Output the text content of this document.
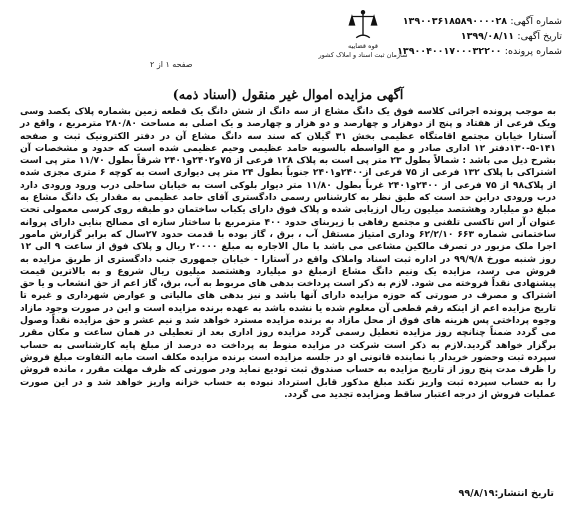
شماره آگهی: ۱۳۹۰۰۳۶۱۸۵۸۹۰۰۰۰۲۸
تاریخ آگهی: ۱۳۹۹/۰۸/۱۱
شماره پرونده: ۱۳۹۰۰۴۰۰۱۷۰۰۰۳۲۲۰۰
قوه قضاییه
سازمان ثبت اسناد و املاک کشور
صفحه ۱ از ۲
آگهی مزایده اموال غیر منقول (اسناد ذمه)

به موجب پرونده اجرائی کلاسه فوق یک دانگ مشاع از سه دانگ از شش دانگ یک قطعه زمین بشماره پلاک یکصد وسی ویک فرعی از هفتاد و پنج از دوهزار و چهارصد و دو هزار و چهارصد و یک اصلی به مساحت ۲۸۰/۸۰ مترمربع ، واقع در آستارا خیابان مجتمع اقامتگاه عظیمی بخش ۳۱ گیلان که سند سه دانگ مشاع آن در دفتر الکترونیک ثبت و صفحه ۱۴۱-۵-۱۳۰دفتر ۱۲ اداری صادر و مع الواسطه بالسویه حامد عظیمی وحیم عظیمی شده است که حدود و مشخصات آن بشرح ذیل می باشد : شمالاً بطول ۲۳ متر پی است به پلاک ۱۲۸ فرعی از ۷۵و۲۴۰۲و۲۴۰۱ شرقاً بطول ۱۱/۷۰ متر پی است اشتراکی با پلاک ۱۳۲ فرعی از ۷۵ فرعی از۲۴۰۰و۲۴۰۱ جنوباً بطول ۲۴ متر پی دیواری است به کوچه ۶ متری مجزی شده از پلاک۹۸ از ۷۵ فرعی از ۲۴۰۰و۲۴۰۱ غرباً بطول ۱۱/۸۰ متر دیوار بلوکی است به خیابان ساحلی درب ورود ورودی دارد درب ورودی درابن حد است که طبق نظر به کارشناس رسمی دادگستری آقای حامد عظیمی به مقدار یک دانگ مشاع به مبلغ دو میلیارد وهشتصد میلیون ریال ارزیابی شده و پلاک فوق دارای یکباب ساختمان دو طبقه روی کرسی معمولی تحت عنوان آر اس تاکسی تلفنی و مجتمع رفاهی با زیربنای حدود ۴۰۰ مترمربع با ساختار سازه ای مصالح بنایی دارای پروانه ساختمانی شماره ۶۶۳ ۶۲/۲/۱۰ وداری امتیاز مستقل آب ، برق ، گاز بوده با قدمت حدود ۲۷سال که برابر گزارش مامور اجرا ملک مزبور در تصرف مالکین مشاعی می باشد با مال الاجاره به مبلغ ۲۰۰۰۰ ریال و پلاک فوق از ساعت ۹ الی ۱۲ روز شنبه مورخ ۹۹/۹/۸ در اداره ثبت اسناد واملاک واقع در آستارا - خیابان جمهوری جنب دادگستری از طریق مزایده به فروش می رسد، مزایده یک ونیم دانگ مشاع ازمبلغ دو میلیارد وهشتصد میلیون ریال شروع و به بالاترین قیمت پیشنهادی نقداً فروخته می شود. لازم به ذکر است پرداخت بدهی های مربوط به آب، برق، گاز اعم از حق انشعاب و یا حق اشتراک و مصرف در صورتی که حوزه مزایده دارای آنها باشد و نیز بدهی های مالیاتی و عوارض شهرداری و غیره تا تاریخ مزایده اعم از اینکه رقم قطعی آن معلوم شده یا نشده باشد به عهده برنده مزایده است و این در صورت وجود مازاد وجوه پرداختی پس هزینه های فوق از محل مازاد به برنده مزایده مسترد خواهد شد و نیم عشر و حق مزایده نقداً وصول می گردد ضمناً چنانچه روز مزایده تعطیل رسمی گردد مزایده روز اداری بعد از تعطیلی در همان ساعت و مکان مقرر برگزار خواهد گردید.لازم به ذکر است شرکت در مزایده منوط به پرداخت ده درصد از مبلغ پایه کارشناسی به حساب سپرده ثبت وحضور خریدار یا نماینده قانونی او در جلسه مزایده است برنده مزایده مکلف است مابه التفاوت مبلغ فروش را ظرف مدت پنج روز از تاریخ مزایده به حساب صندوق ثبت تودیع نماید ودر صورتی که ظرف مهلت مقرر ، مانده فروش را به حساب سپرده ثبت واریز نکند مبلغ مذکور قابل استرداد نبوده به حساب خزانه واریز خواهد شد و در این صورت عملیات فروش از درجه اعتبار ساقط ومزایده تجدید می گردد.

تاریخ انتشار:۹۹/۸/۱۹
